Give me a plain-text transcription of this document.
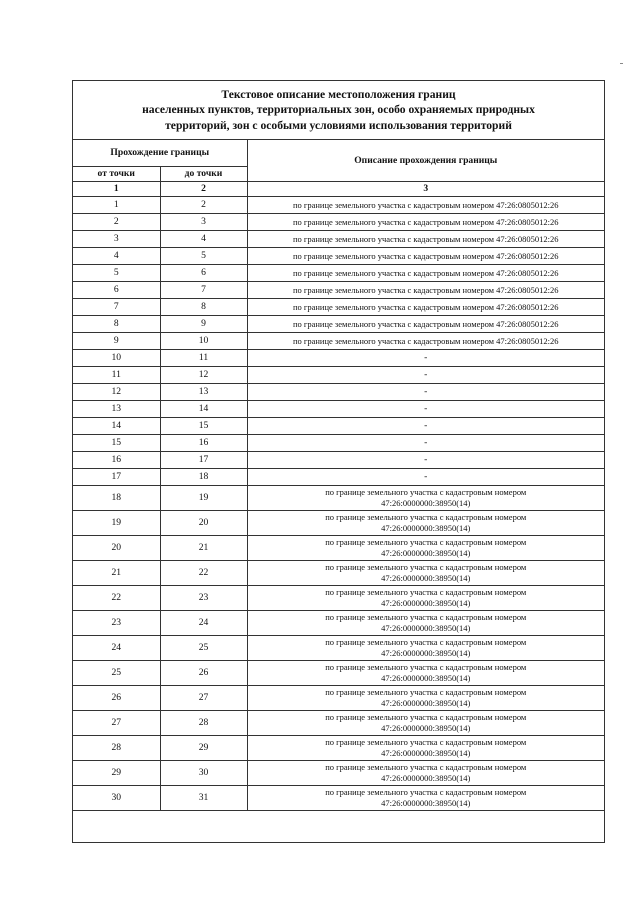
Текстовое описание местоположения границ
населенных пунктов, территориальных зон, особо охраняемых природных
территорий, зон с особыми условиями использования территорий
Прохождение границы		Описание прохождения границы
от точки	до точки	
1	2	3
1	2	по границе земельного участка с кадастровым номером 47:26:0805012:26
2	3	по границе земельного участка с кадастровым номером 47:26:0805012:26
3	4	по границе земельного участка с кадастровым номером 47:26:0805012:26
4	5	по границе земельного участка с кадастровым номером 47:26:0805012:26
5	6	по границе земельного участка с кадастровым номером 47:26:0805012:26
6	7	по границе земельного участка с кадастровым номером 47:26:0805012:26
7	8	по границе земельного участка с кадастровым номером 47:26:0805012:26
8	9	по границе земельного участка с кадастровым номером 47:26:0805012:26
9	10	по границе земельного участка с кадастровым номером 47:26:0805012:26
10	11	-
11	12	-
12	13	-
13	14	-
14	15	-
15	16	-
16	17	-
17	18	-
18	19	по границе земельного участка с кадастровым номером
47:26:0000000:38950(14)

19	20	по границе земельного участка с кадастровым номером
47:26:0000000:38950(14)

20	21	по границе земельного участка с кадастровым номером
47:26:0000000:38950(14)

21	22	по границе земельного участка с кадастровым номером
47:26:0000000:38950(14)

22	23	по границе земельного участка с кадастровым номером
47:26:0000000:38950(14)

23	24	по границе земельного участка с кадастровым номером
47:26:0000000:38950(14)

24	25	по границе земельного участка с кадастровым номером
47:26:0000000:38950(14)

25	26	по границе земельного участка с кадастровым номером
47:26:0000000:38950(14)

26	27	по границе земельного участка с кадастровым номером
47:26:0000000:38950(14)

27	28	по границе земельного участка с кадастровым номером
47:26:0000000:38950(14)

28	29	по границе земельного участка с кадастровым номером
47:26:0000000:38950(14)

29	30	по границе земельного участка с кадастровым номером
47:26:0000000:38950(14)

30	31	по границе земельного участка с кадастровым номером
47:26:0000000:38950(14)
